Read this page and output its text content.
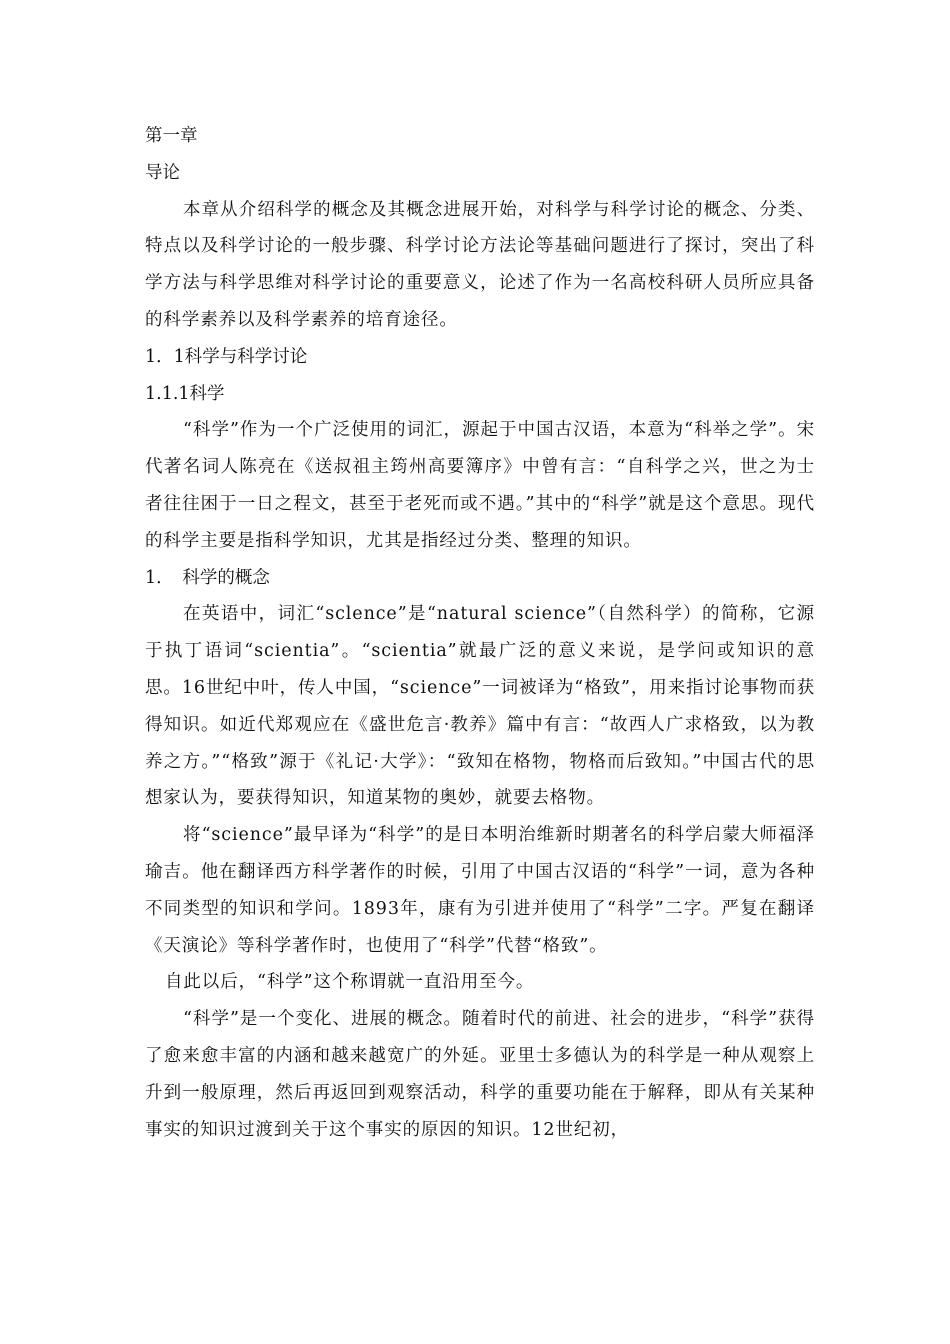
第一章
导论

本章从介绍科学的概念及其概念进展开始，对科学与科学讨论的概念、分类、特点以及科学讨论的一般步骤、科学讨论方法论等基础问题进行了探讨，突出了科学方法与科学思维对科学讨论的重要意义，论述了作为一名高校科研人员所应具备的科学素养以及科学素养的培育途径。

1．1科学与科学讨论
1.1.1科学

“科学”作为一个广泛使用的词汇，源起于中国古汉语，本意为“科举之学”。宋代著名词人陈亮在《送叔祖主筠州高要簿序》中曾有言：“自科学之兴，世之为士者往往困于一日之程文，甚至于老死而或不遇。”其中的“科学”就是这个意思。现代的科学主要是指科学知识，尤其是指经过分类、整理的知识。

1．　科学的概念

在英语中，词汇“sclence”是“natural science”（自然科学）的简称，它源于执丁语词“scientia”。“scientia”就最广泛的意义来说，是学问或知识的意思。16世纪中叶，传人中国，“science”一词被译为“格致”，用来指讨论事物而获得知识。如近代郑观应在《盛世危言·教养》篇中有言：“故西人广求格致，以为教养之方。”“格致”源于《礼记·大学》：“致知在格物，物格而后致知。”中国古代的思想家认为，要获得知识，知道某物的奥妙，就要去格物。

将“science”最早译为“科学”的是日本明治维新时期著名的科学启蒙大师福泽瑜吉。他在翻译西方科学著作的时候，引用了中国古汉语的“科学”一词，意为各种不同类型的知识和学问。1893年，康有为引进并使用了“科学”二字。严复在翻译《天演论》等科学著作时，也使用了“科学”代替“格致”。

自此以后，“科学”这个称谓就一直沿用至今。

“科学”是一个变化、进展的概念。随着时代的前进、社会的进步，“科学”获得了愈来愈丰富的内涵和越来越宽广的外延。亚里士多德认为的科学是一种从观察上升到一般原理，然后再返回到观察活动，科学的重要功能在于解释，即从有关某种事实的知识过渡到关于这个事实的原因的知识。12世纪初，
